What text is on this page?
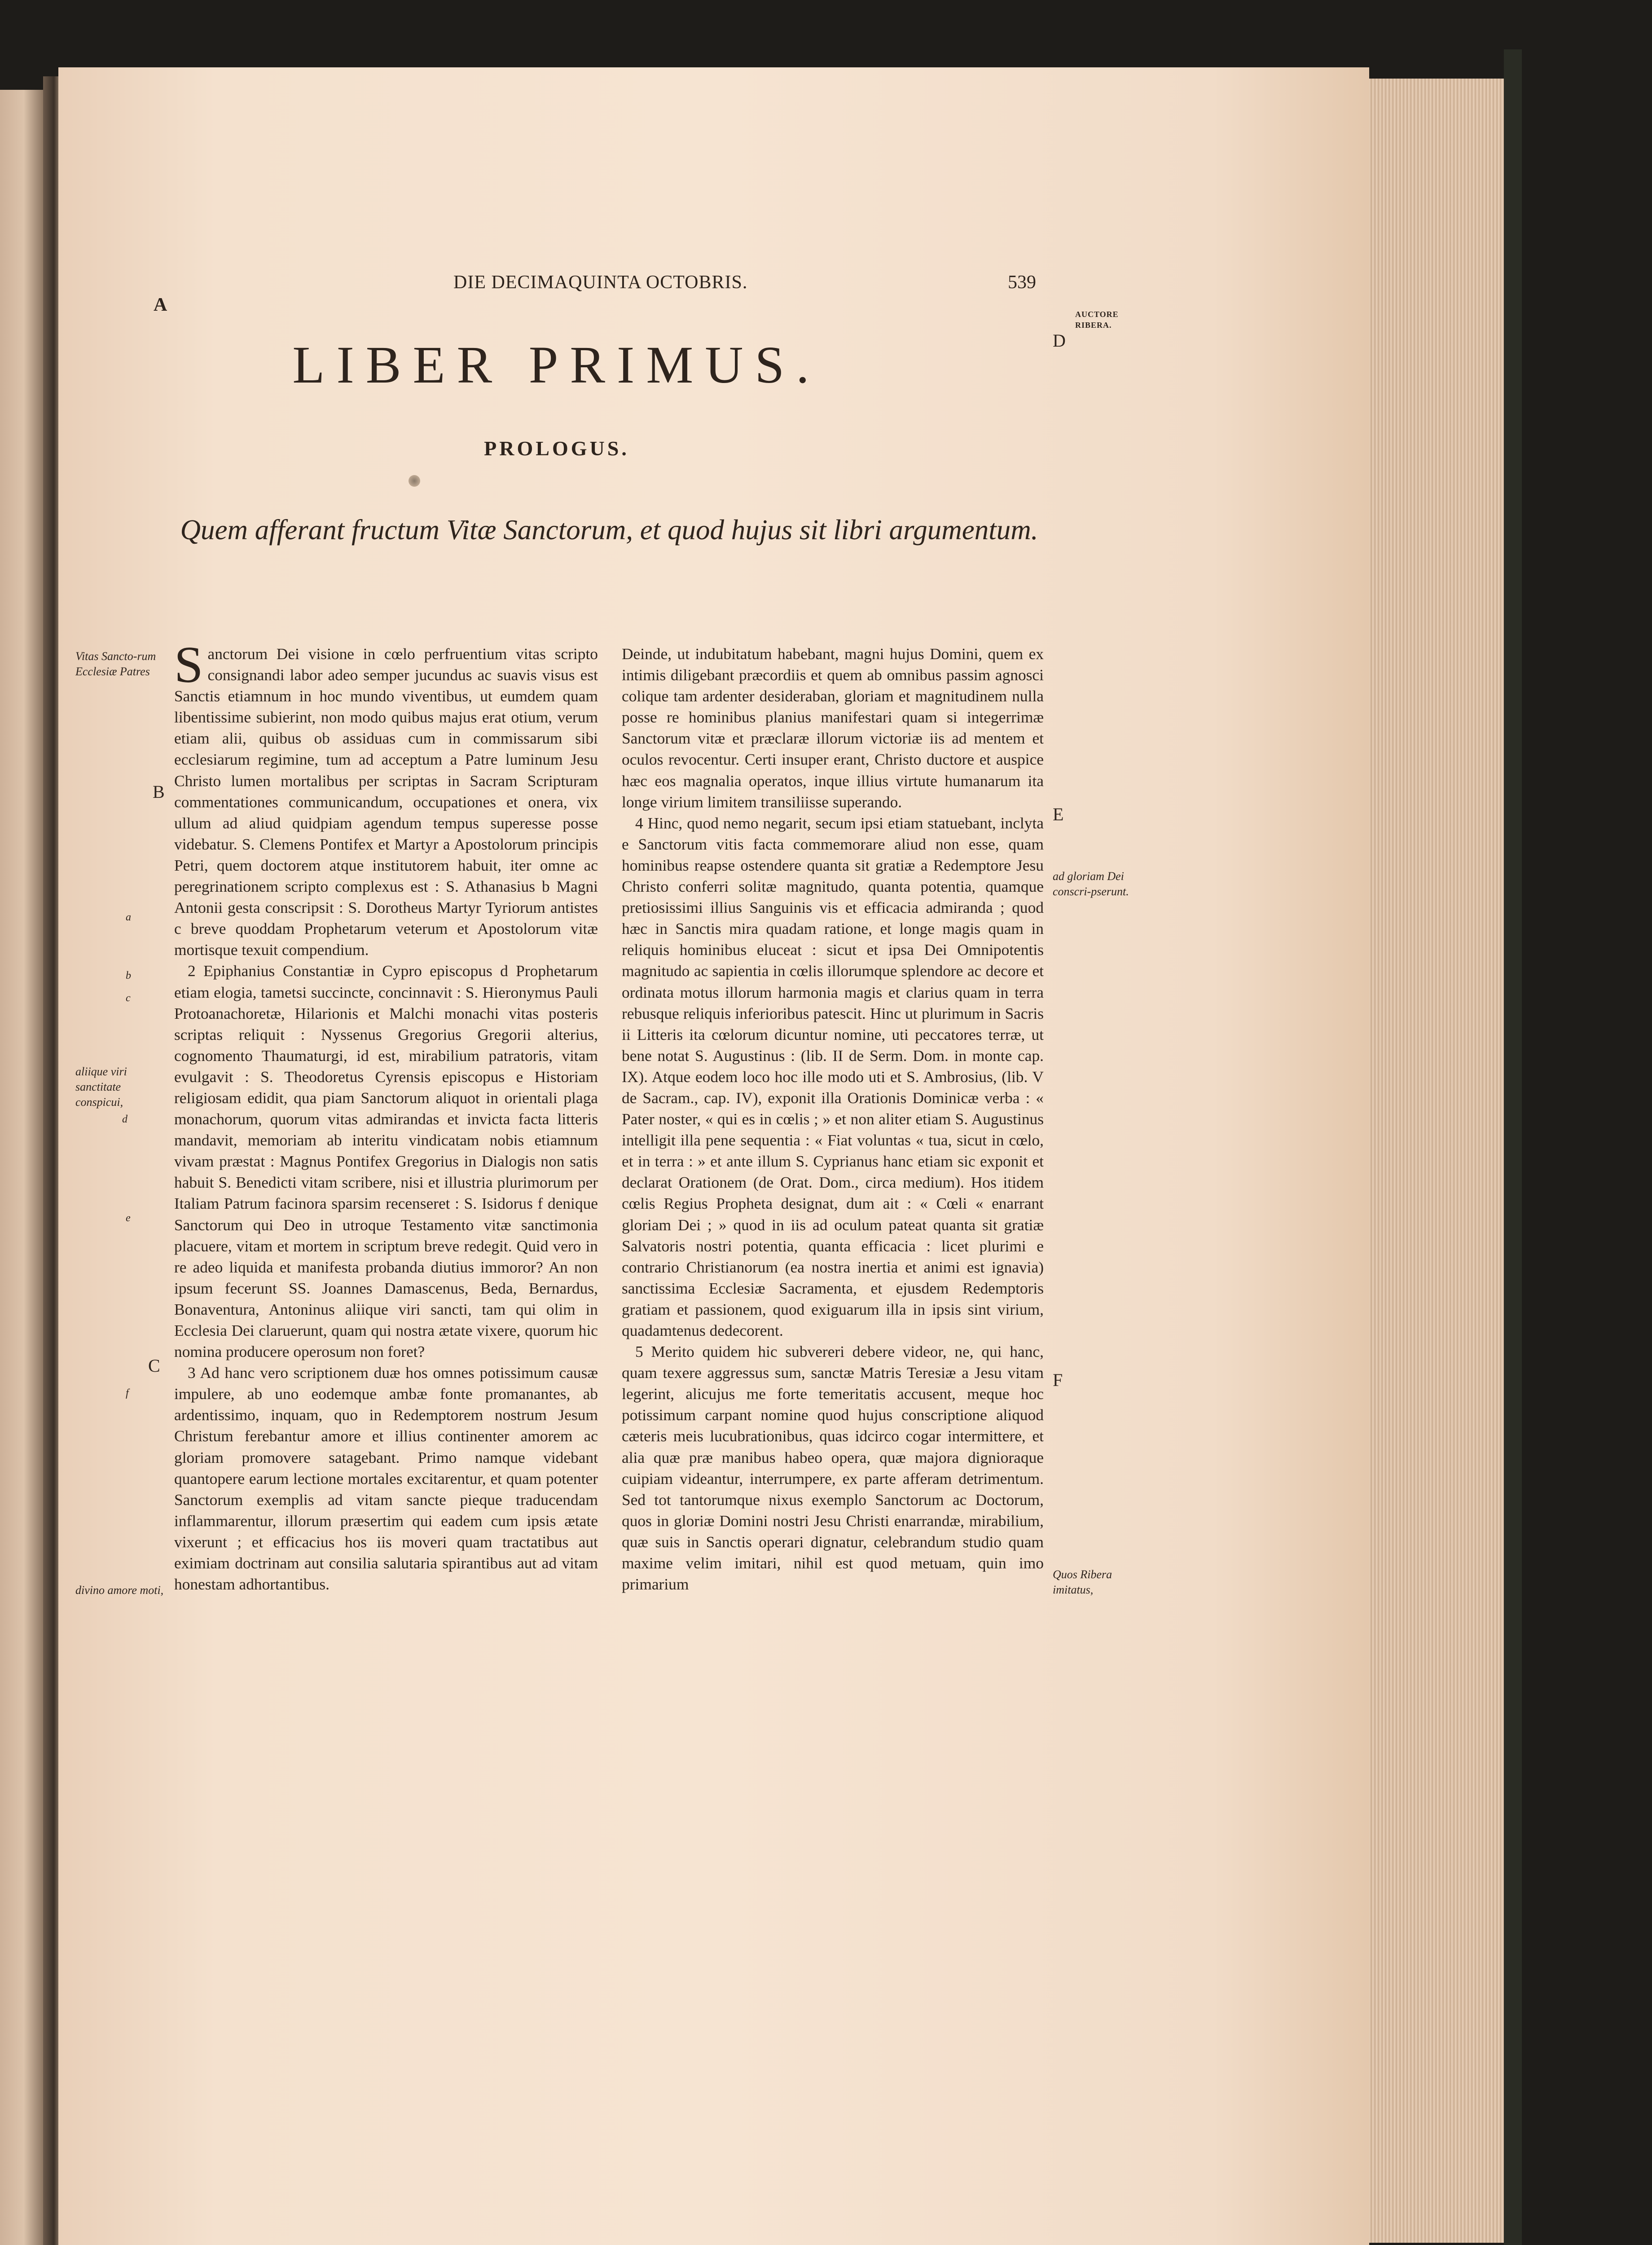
DIE DECIMAQUINTA OCTOBRIS.	539
A	AUCTORE
RIBERA.
D
LIBER PRIMUS.
PROLOGUS.
Quem afferant fructum Vitæ Sanctorum, et quod hujus sit libri argumentum.
Vitas Sancto-rum Ecclesiæ Patres
aliique viri sanctitate conspicui,
divino amore moti,
B
C
a
b
c
d
e
f
E
F
ad gloriam Dei conscri-pserunt.
Quos Ribera imitatus,

Sanctorum Dei visione in cœlo perfruentium vitas scripto consignandi labor adeo semper jucundus ac suavis visus est Sanctis etiamnum in hoc mundo viventibus, ut eumdem quam libentissime subierint, non modo quibus majus erat otium, verum etiam alii, quibus ob assiduas cum in commissarum sibi ecclesiarum regimine, tum ad acceptum a Patre luminum Jesu Christo lumen mortalibus per scriptas in Sacram Scripturam commentationes communicandum, occupationes et onera, vix ullum ad aliud quidpiam agendum tempus superesse posse videbatur. S. Clemens Pontifex et Martyr a Apostolorum principis Petri, quem doctorem atque institutorem habuit, iter omne ac peregrinationem scripto complexus est : S. Athanasius b Magni Antonii gesta conscripsit : S. Dorotheus Martyr Tyriorum antistes c breve quoddam Prophetarum veterum et Apostolorum vitæ mortisque texuit compendium.

2 Epiphanius Constantiæ in Cypro episcopus d Prophetarum etiam elogia, tametsi succincte, concinnavit : S. Hieronymus Pauli Protoanachoretæ, Hilarionis et Malchi monachi vitas posteris scriptas reliquit : Nyssenus Gregorius Gregorii alterius, cognomento Thaumaturgi, id est, mirabilium patratoris, vitam evulgavit : S. Theodoretus Cyrensis episcopus e Historiam religiosam edidit, qua piam Sanctorum aliquot in orientali plaga monachorum, quorum vitas admirandas et invicta facta litteris mandavit, memoriam ab interitu vindicatam nobis etiamnum vivam præstat : Magnus Pontifex Gregorius in Dialogis non satis habuit S. Benedicti vitam scribere, nisi et illustria plurimorum per Italiam Patrum facinora sparsim recenseret : S. Isidorus f denique Sanctorum qui Deo in utroque Testamento vitæ sanctimonia placuere, vitam et mortem in scriptum breve redegit. Quid vero in re adeo liquida et manifesta probanda diutius immoror? An non ipsum fecerunt SS. Joannes Damascenus, Beda, Bernardus, Bonaventura, Antoninus aliique viri sancti, tam qui olim in Ecclesia Dei claruerunt, quam qui nostra ætate vixere, quorum hic nomina producere operosum non foret?

3 Ad hanc vero scriptionem duæ hos omnes potissimum causæ impulere, ab uno eodemque ambæ fonte promanantes, ab ardentissimo, inquam, quo in Redemptorem nostrum Jesum Christum ferebantur amore et illius continenter amorem ac gloriam promovere satagebant. Primo namque videbant quantopere earum lectione mortales excitarentur, et quam potenter Sanctorum exemplis ad vitam sancte pieque traducendam inflammarentur, illorum præsertim qui eadem cum ipsis ætate vixerunt ; et efficacius hos iis moveri quam tractatibus aut eximiam doctrinam aut consilia salutaria spirantibus aut ad vitam honestam adhortantibus.

Deinde, ut indubitatum habebant, magni hujus Domini, quem ex intimis diligebant præcordiis et quem ab omnibus passim agnosci colique tam ardenter desideraban, gloriam et magnitudinem nulla posse re hominibus planius manifestari quam si integerrimæ Sanctorum vitæ et præclaræ illorum victoriæ iis ad mentem et oculos revocentur. Certi insuper erant, Christo ductore et auspice hæc eos magnalia operatos, inque illius virtute humanarum ita longe virium limitem transiliisse superando.

4 Hinc, quod nemo negarit, secum ipsi etiam statuebant, inclyta e Sanctorum vitis facta commemorare aliud non esse, quam hominibus reapse ostendere quanta sit gratiæ a Redemptore Jesu Christo conferri solitæ magnitudo, quanta potentia, quamque pretiosissimi illius Sanguinis vis et efficacia admiranda ; quod hæc in Sanctis mira quadam ratione, et longe magis quam in reliquis hominibus eluceat : sicut et ipsa Dei Omnipotentis magnitudo ac sapientia in cœlis illorumque splendore ac decore et ordinata motus illorum harmonia magis et clarius quam in terra rebusque reliquis inferioribus patescit. Hinc ut plurimum in Sacris ii Litteris ita cœlorum dicuntur nomine, uti peccatores terræ, ut bene notat S. Augustinus : (lib. II de Serm. Dom. in monte cap. IX). Atque eodem loco hoc ille modo uti et S. Ambrosius, (lib. V de Sacram., cap. IV), exponit illa Orationis Dominicæ verba : « Pater noster, « qui es in cœlis ; » et non aliter etiam S. Augustinus intelligit illa pene sequentia : « Fiat voluntas « tua, sicut in cœlo, et in terra : » et ante illum S. Cyprianus hanc etiam sic exponit et declarat Orationem (de Orat. Dom., circa medium). Hos itidem cœlis Regius Propheta designat, dum ait : « Cœli « enarrant gloriam Dei ; » quod in iis ad oculum pateat quanta sit gratiæ Salvatoris nostri potentia, quanta efficacia : licet plurimi e contrario Christianorum (ea nostra inertia et animi est ignavia) sanctissima Ecclesiæ Sacramenta, et ejusdem Redemptoris gratiam et passionem, quod exiguarum illa in ipsis sint virium, quadamtenus dedecorent.

5 Merito quidem hic subvereri debere videor, ne, qui hanc, quam texere aggressus sum, sanctæ Matris Teresiæ a Jesu vitam legerint, alicujus me forte temeritatis accusent, meque hoc potissimum carpant nomine quod hujus conscriptione aliquod cæteris meis lucubrationibus, quas idcirco cogar intermittere, et alia quæ præ manibus habeo opera, quæ majora dignioraque cuipiam videantur, interrumpere, ex parte afferam detrimentum. Sed tot tantorumque nixus exemplo Sanctorum ac Doctorum, quos in gloriæ Domini nostri Jesu Christi enarrandæ, mirabilium, quæ suis in Sanctis operari dignatur, celebrandum studio quam maxime velim imitari, nihil est quod metuam, quin imo primarium
